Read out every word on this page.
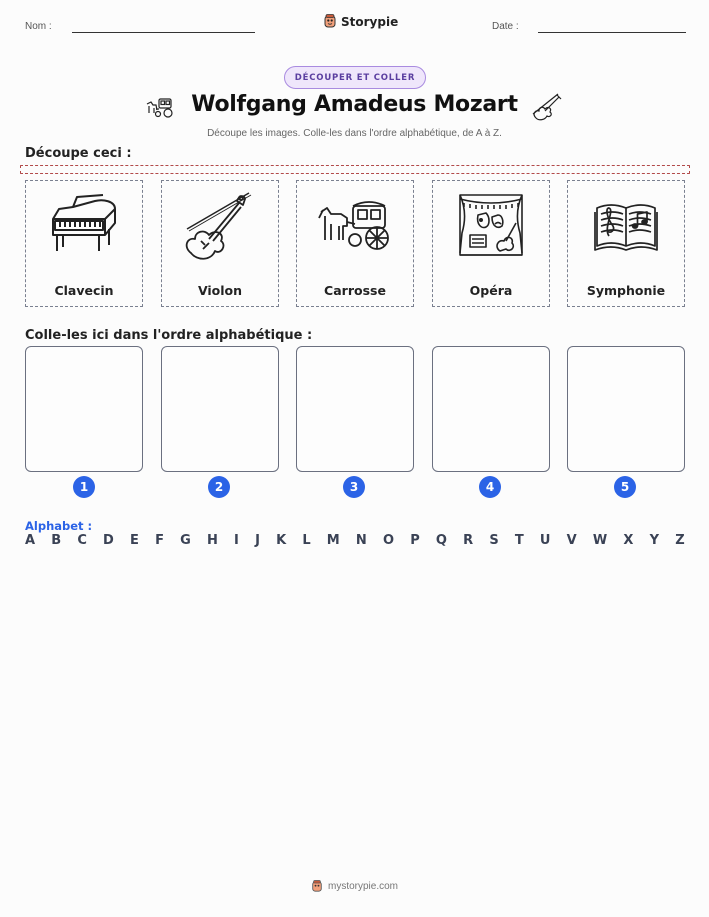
Nom :	Storypie	Date :
DÉCOUPER ET COLLER
Wolfgang Amadeus Mozart
Découpe les images. Colle-les dans l'ordre alphabétique, de A à Z.
Découpe ceci :
Clavecin	Violon	Carrosse	Opéra	Symphonie
Colle-les ici dans l'ordre alphabétique :
1	2	3	4	5
Alphabet :
A B C D E F G H I J K L M N O P Q R S T U V W X Y Z
mystorypie.com
